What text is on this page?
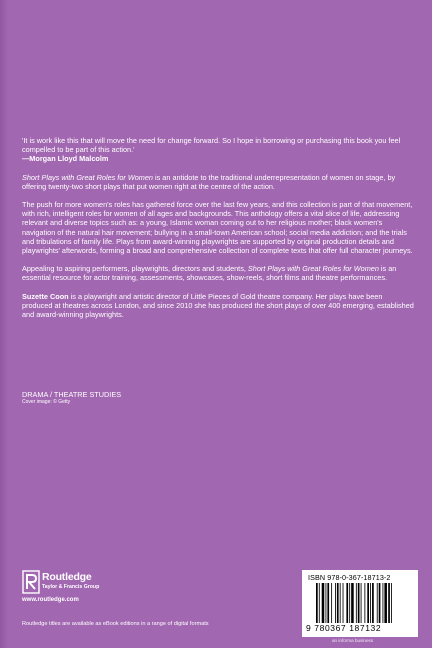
'It is work like this that will move the need for change forward. So I hope in borrowing or purchasing this book you feel compelled to be part of this action.'
—Morgan Lloyd Malcolm

Short Plays with Great Roles for Women is an antidote to the traditional underrepresentation of women on stage, by offering twenty-two short plays that put women right at the centre of the action.

The push for more women's roles has gathered force over the last few years, and this collection is part of that movement, with rich, intelligent roles for women of all ages and backgrounds. This anthology offers a vital slice of life, addressing relevant and diverse topics such as: a young, Islamic woman coming out to her religious mother; black women's navigation of the natural hair movement; bullying in a small-town American school; social media addiction; and the trials and tribulations of family life. Plays from award-winning playwrights are supported by original production details and playwrights' afterwords, forming a broad and comprehensive collection of complete texts that offer full character journeys.

Appealing to aspiring performers, playwrights, directors and students, Short Plays with Great Roles for Women is an essential resource for actor training, assessments, showcases, show-reels, short films and theatre performances.

Suzette Coon is a playwright and artistic director of Little Pieces of Gold theatre company. Her plays have been produced at theatres across London, and since 2010 she has produced the short plays of over 400 emerging, established and award-winning playwrights.

DRAMA / THEATRE STUDIES
Cover image: © Getty
Routledge
Taylor & Francis Group
www.routledge.com
Routledge titles are available as eBook editions in a range of digital formats
ISBN 978-0-367-18713-2
9 780367 187132
an informa business
